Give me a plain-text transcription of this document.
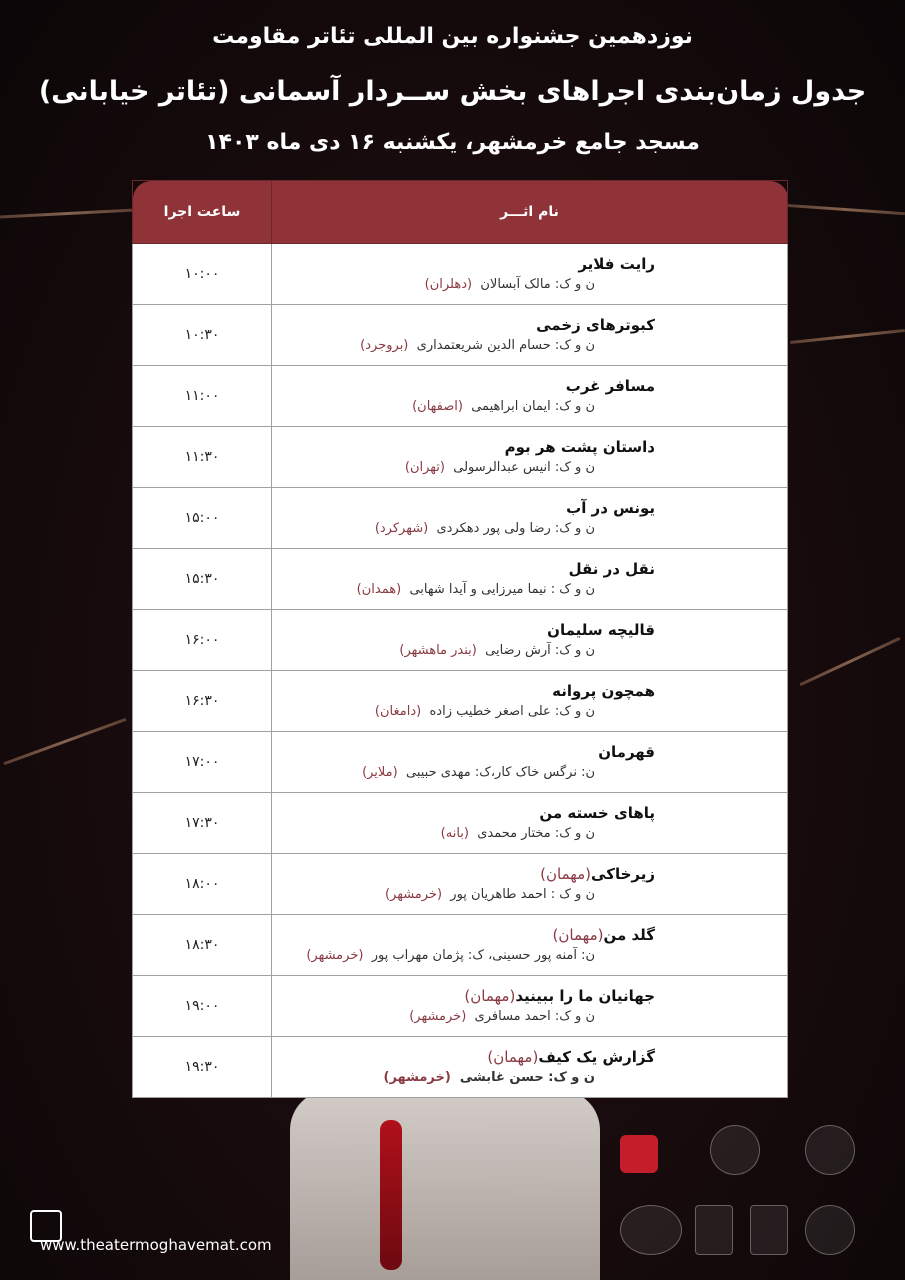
نوزدهمین جشنواره بین المللی تئاتر مقاومت
جدول زمان‌بندی اجراهای بخش ســردار آسمانی (تئاتر خیابانی)
مسجد جامع خرمشهر، یکشنبه ۱۶ دی ماه ۱۴۰۳
نام اثـــر	ساعت اجرا

رایت فلایر
ن و ک: مالک آبسالان  (دهلران)	۱۰:۰۰

کبوترهای زخمی
ن و ک: حسام الدین شریعتمداری  (بروجرد)	۱۰:۳۰

مسافر غرب
ن و ک: ایمان ابراهیمی  (اصفهان)	۱۱:۰۰

داستان پشت هر بوم
ن و ک: انیس عبدالرسولی  (تهران)	۱۱:۳۰

یونس در آب
ن و ک: رضا ولی پور دهکردی  (شهرکرد)	۱۵:۰۰

نقل در نقل
ن و ک : نیما میرزایی و آیدا شهابی  (همدان)	۱۵:۳۰

قالیچه سلیمان
ن و ک: آرش رضایی  (بندر ماهشهر)	۱۶:۰۰

همچون پروانه
ن و ک: علی اصغر خطیب زاده  (دامغان)	۱۶:۳۰

قهرمان
ن: نرگس خاک کار،ک: مهدی حبیبی  (ملایر)	۱۷:۰۰

پاهای خسته من
ن و ک: مختار محمدی  (بانه)	۱۷:۳۰

زیرخاکی(مهمان)
ن و ک : احمد طاهریان پور  (خرمشهر)	۱۸:۰۰

گلد من(مهمان)
ن: آمنه پور حسینی، ک: پژمان مهراب پور  (خرمشهر)	۱۸:۳۰

جهانیان ما را ببینید(مهمان)
ن و ک: احمد مسافری  (خرمشهر)	۱۹:۰۰

گزارش یک کیف(مهمان)
ن و ک: حسن غابشی  (خرمشهر)	۱۹:۳۰
www.theatermoghavemat.com
